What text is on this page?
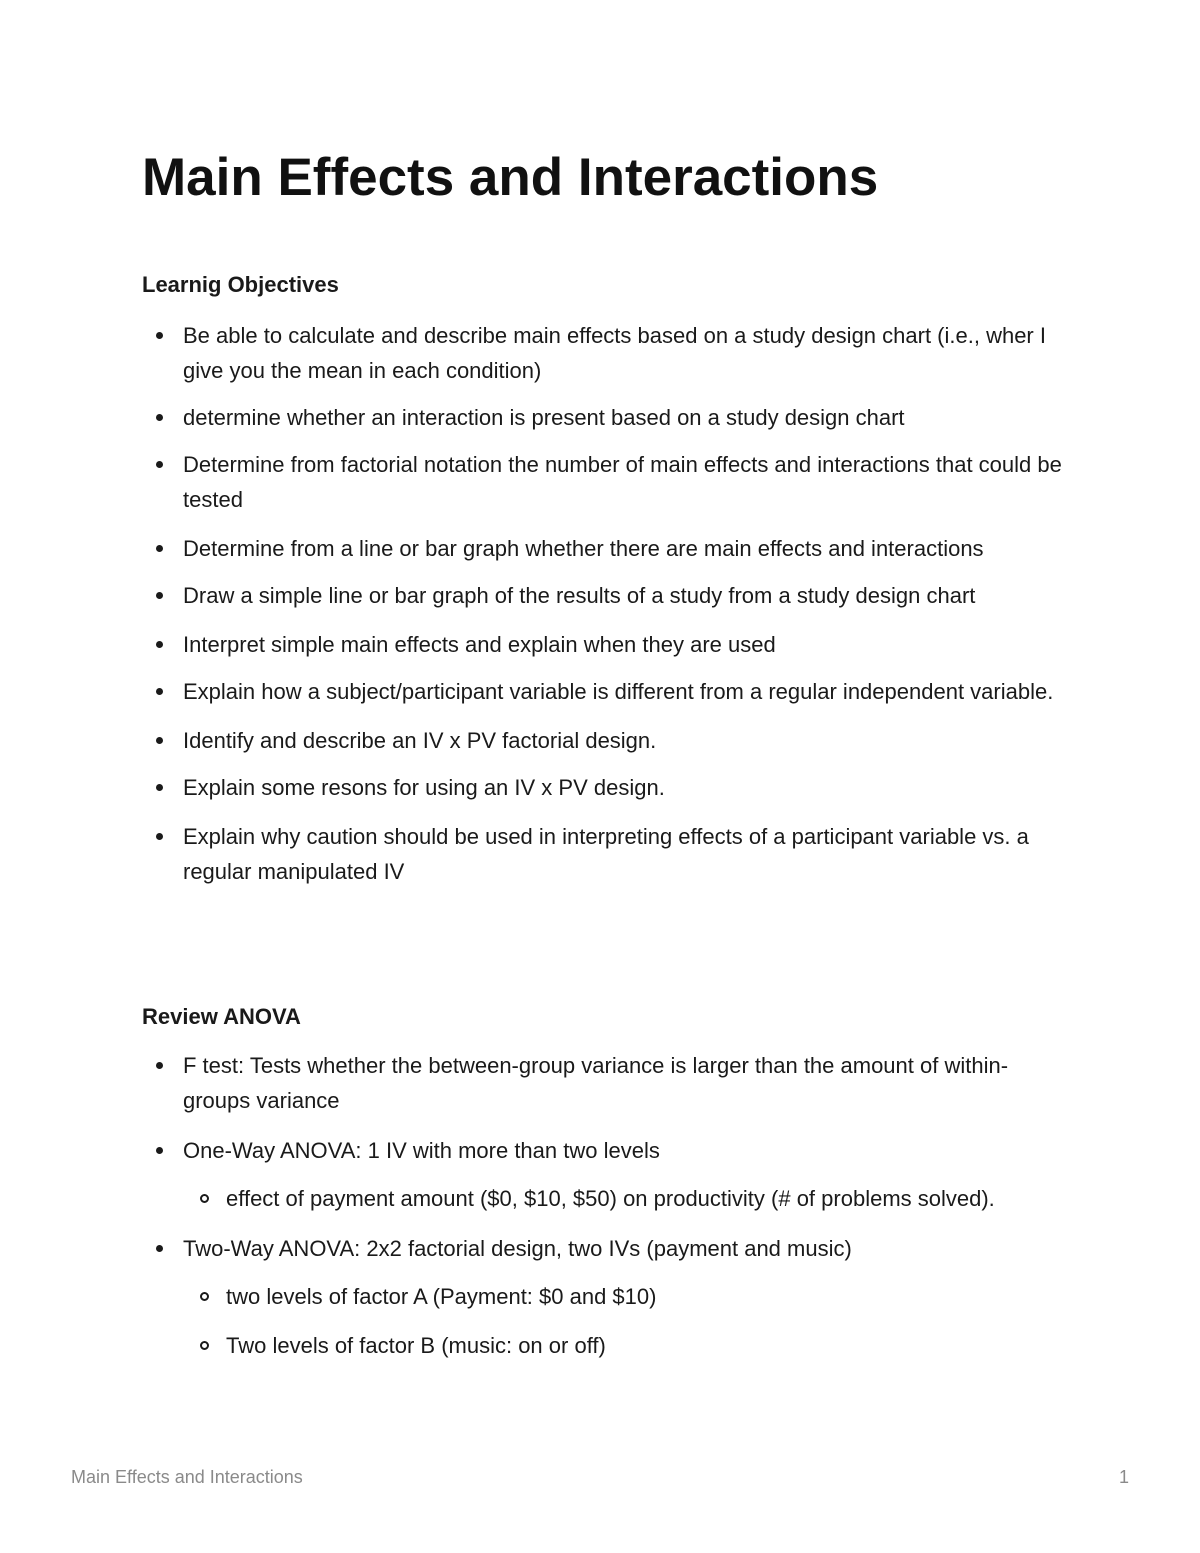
Main Effects and Interactions
Learnig Objectives
Be able to calculate and describe main effects based on a study design chart (i.e., wher I give you the mean in each condition)
determine whether an interaction is present based on a study design chart
Determine from factorial notation the number of main effects and interactions that could be tested
Determine from a line or bar graph whether there are main effects and interactions
Draw a simple line or bar graph of the results of a study from a study design chart
Interpret simple main effects and explain when they are used
Explain how a subject/participant variable is different from a regular independent variable.
Identify and describe an IV x PV factorial design.
Explain some resons for using an IV x PV design.
Explain why caution should be used in interpreting effects of a participant variable vs. a regular manipulated IV
Review ANOVA
F test: Tests whether the between-group variance is larger than the amount of within-groups variance
One-Way ANOVA: 1 IV with more than two levels
effect of payment amount ($0, $10, $50) on productivity (# of problems solved).
Two-Way ANOVA: 2x2 factorial design, two IVs (payment and music)
two levels of factor A (Payment: $0 and $10)
Two levels of factor B (music: on or off)
Main Effects and Interactions	1
